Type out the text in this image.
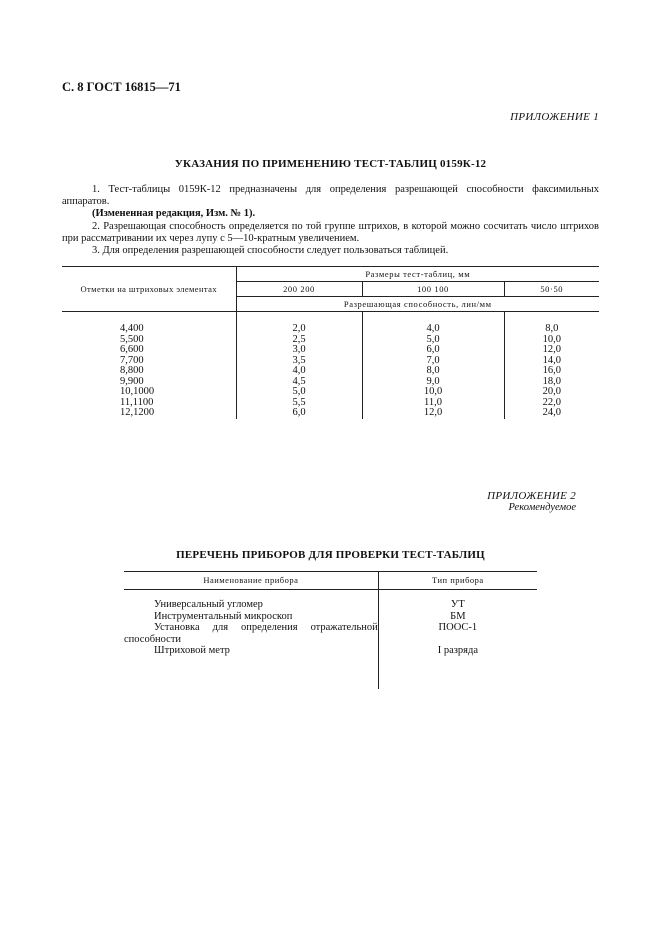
С. 8 ГОСТ 16815—71
ПРИЛОЖЕНИЕ 1
УКАЗАНИЯ ПО ПРИМЕНЕНИЮ ТЕСТ-ТАБЛИЦ 0159К-12
1. Тест-таблицы 0159К-12 предназначены для определения разрешающей способности факсимильных аппаратов.
(Измененная редакция, Изм. № 1).
2. Разрешающая способность определяется по той группе штрихов, в которой можно сосчитать число штрихов при рассматривании их через лупу с 5—10-кратным увеличением.
3. Для определения разрешающей способности следует пользоваться таблицей.
Отметки на штриховых элементах	Размеры тест-таблиц, мм		
	200 200	100 100	50·50
	Разрешающая способность, лин/мм		

4,400	2,0	4,0	8,0
5,500	2,5	5,0	10,0
6,600	3,0	6,0	12,0
7,700	3,5	7,0	14,0
8,800	4,0	8,0	16,0
9,900	4,5	9,0	18,0
10,1000	5,0	10,0	20,0
11,1100	5,5	11,0	22,0
12,1200	6,0	12,0	24,0
ПРИЛОЖЕНИЕ 2
Рекомендуемое
ПЕРЕЧЕНЬ ПРИБОРОВ ДЛЯ ПРОВЕРКИ ТЕСТ-ТАБЛИЦ
Наименование прибора	Тип прибора

Универсальный угломер	УТ

Инструментальный микроскоп	БМ

Установка для определения отражательной способности	ПООС-1

Штриховой метр	I разряда
